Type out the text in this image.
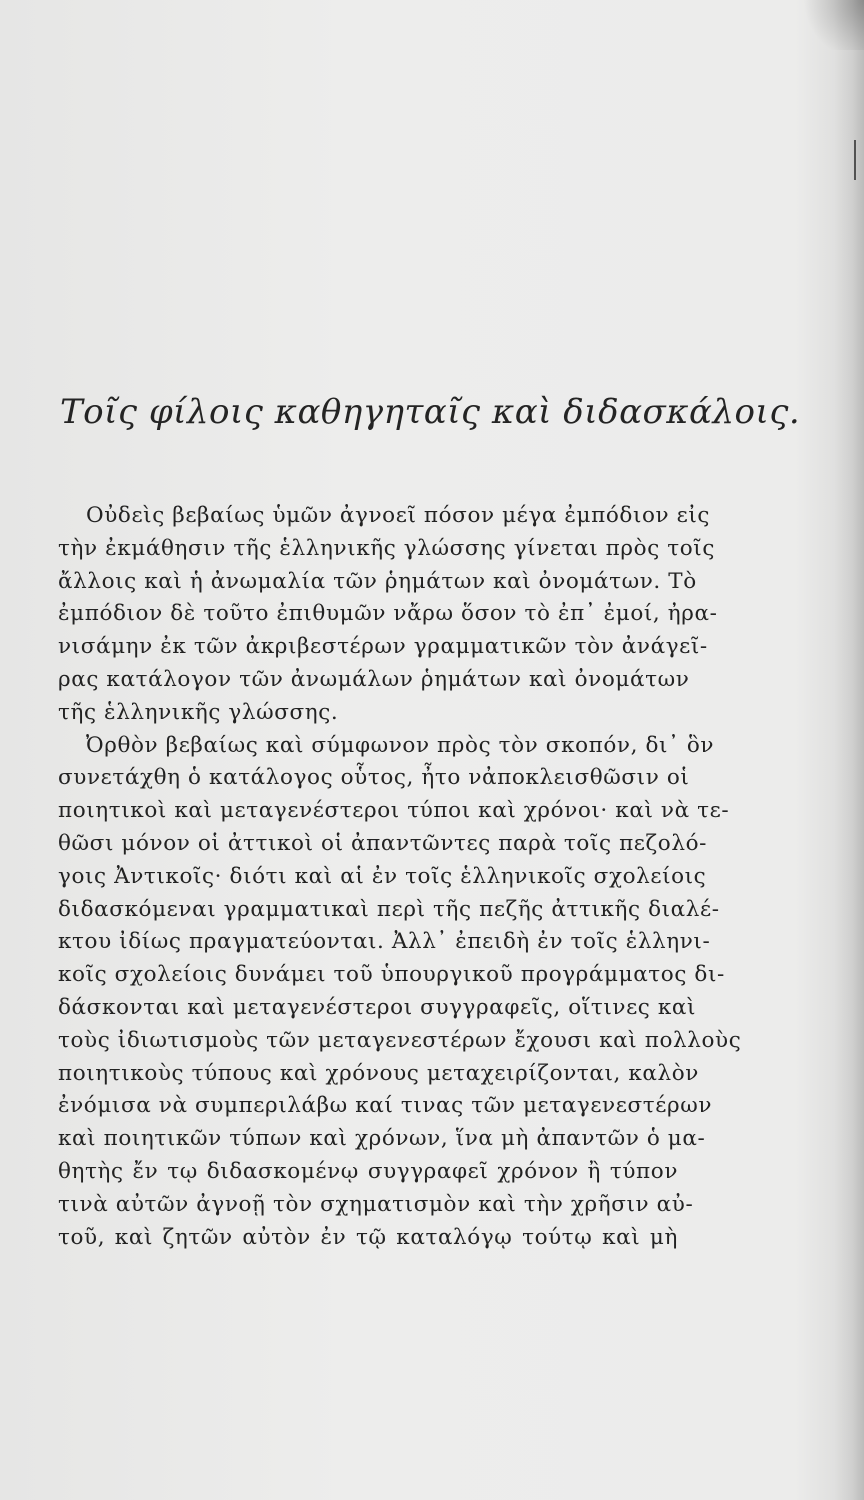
Τοῖς φίλοις καθηγηταῖς καὶ διδασκάλοις.
Οὐδεὶς βεβαίως ὑμῶν ἀγνοεῖ πόσον μέγα ἐμπόδιον εἰς
τὴν ἐκμάθησιν τῆς ἑλληνικῆς γλώσσης γίνεται πρὸς τοῖς
ἄλλοις καὶ ἡ ἀνωμαλία τῶν ῥημάτων καὶ ὀνομάτων. Τὸ
ἐμπόδιον δὲ τοῦτο ἐπιθυμῶν νἄρω ὅσον τὸ ἐπ᾽ ἐμοί, ἠρα-
νισάμην ἐκ τῶν ἀκριβεστέρων γραμματικῶν τὸν ἀνάγεῖ-
ρας κατάλογον τῶν ἀνωμάλων ῥημάτων καὶ ὀνομάτων
τῆς ἑλληνικῆς γλώσσης.
Ὀρθὸν βεβαίως καὶ σύμφωνον πρὸς τὸν σκοπόν, δι᾽ ὃν
συνετάχθη ὁ κατάλογος οὗτος, ἦτο νἀποκλεισθῶσιν οἱ
ποιητικοὶ καὶ μεταγενέστεροι τύποι καὶ χρόνοι· καὶ νὰ τε-
θῶσι μόνον οἱ ἀττικοὶ οἱ ἀπαντῶντες παρὰ τοῖς πεζολό-
γοις Ἀντικοῖς· διότι καὶ αἱ ἐν τοῖς ἑλληνικοῖς σχολείοις
διδασκόμεναι γραμματικαὶ περὶ τῆς πεζῆς ἀττικῆς διαλέ-
κτου ἰδίως πραγματεύονται. Ἀλλ᾽ ἐπειδὴ ἐν τοῖς ἑλληνι-
κοῖς σχολείοις δυνάμει τοῦ ὑπουργικοῦ προγράμματος δι-
δάσκονται καὶ μεταγενέστεροι συγγραφεῖς, οἵτινες καὶ
τοὺς ἰδιωτισμοὺς τῶν μεταγενεστέρων ἔχουσι καὶ πολλοὺς
ποιητικοὺς τύπους καὶ χρόνους μεταχειρίζονται, καλὸν
ἐνόμισα νὰ συμπεριλάβω καί τινας τῶν μεταγενεστέρων
καὶ ποιητικῶν τύπων καὶ χρόνων, ἵνα μὴ ἀπαντῶν ὁ μα-
θητὴς ἔν τῳ διδασκομένῳ συγγραφεῖ χρόνον ἢ τύπον
τινὰ αὐτῶν ἀγνοῇ τὸν σχηματισμὸν καὶ τὴν χρῆσιν αὐ-
τοῦ, καὶ ζητῶν αὐτὸν ἐν τῷ καταλόγῳ τούτῳ καὶ μὴ
